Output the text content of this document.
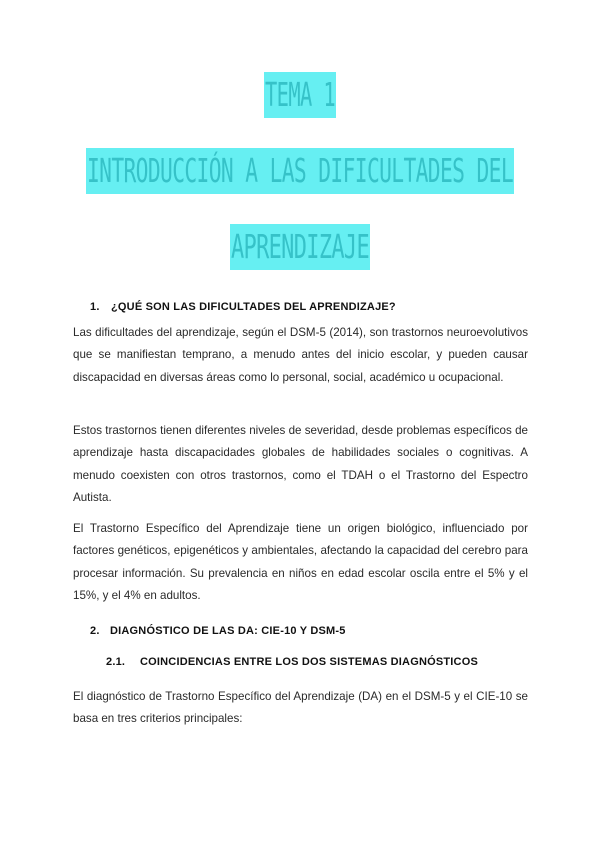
TEMA 1
INTRODUCCIÓN A LAS DIFICULTADES DEL
APRENDIZAJE
1. ¿QUÉ SON LAS DIFICULTADES DEL APRENDIZAJE?

Las dificultades del aprendizaje, según el DSM-5 (2014), son trastornos neuroevolutivos que se manifiestan temprano, a menudo antes del inicio escolar, y pueden causar discapacidad en diversas áreas como lo personal, social, académico u ocupacional.

Estos trastornos tienen diferentes niveles de severidad, desde problemas específicos de aprendizaje hasta discapacidades globales de habilidades sociales o cognitivas. A menudo coexisten con otros trastornos, como el TDAH o el Trastorno del Espectro Autista.

El Trastorno Específico del Aprendizaje tiene un origen biológico, influenciado por factores genéticos, epigenéticos y ambientales, afectando la capacidad del cerebro para procesar información. Su prevalencia en niños en edad escolar oscila entre el 5% y el 15%, y el 4% en adultos.

2. DIAGNÓSTICO DE LAS DA: CIE-10 Y DSM-5
2.1. COINCIDENCIAS ENTRE LOS DOS SISTEMAS DIAGNÓSTICOS

El diagnóstico de Trastorno Específico del Aprendizaje (DA) en el DSM-5 y el CIE-10 se basa en tres criterios principales:
